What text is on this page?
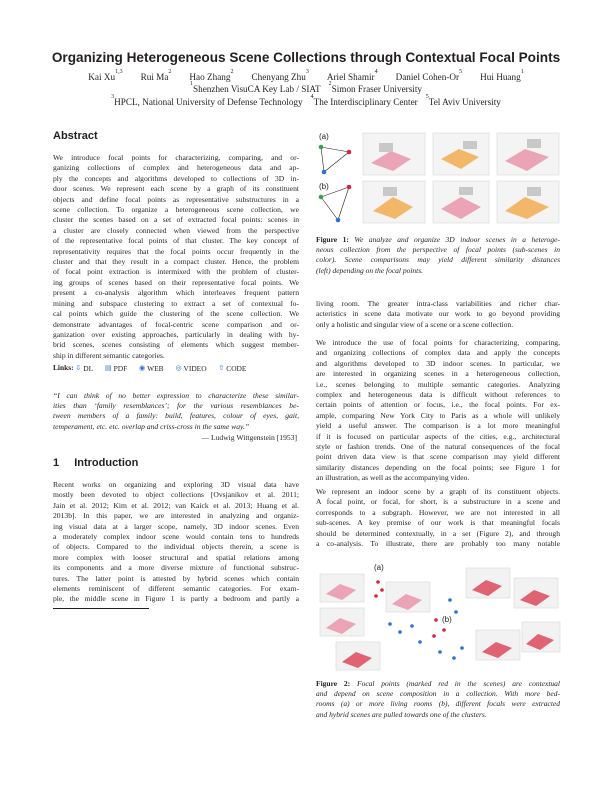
Organizing Heterogeneous Scene Collections through Contextual Focal Points
Kai Xu$^{1,3}$ Rui Ma$^2$ Hao Zhang$^2$ Chenyang Zhu$^3$ Ariel Shamir$^4$ Daniel Cohen-Or$^5$ Hui Huang$^1$
$^1$Shenzhen VisuCA Key Lab / SIAT $^2$Simon Fraser University
$^3$HPCL, National University of Defense Technology $^4$The Interdisciplinary Center $^5$Tel Aviv University
Abstract
We introduce focal points for characterizing, comparing, and or-
ganizing collections of complex and heterogeneous data and ap-
ply the concepts and algorithms developed to collections of 3D in-
door scenes. We represent each scene by a graph of its constituent
objects and define focal points as representative substructures in a
scene collection. To organize a heterogeneous scene collection, we
cluster the scenes based on a set of extracted focal points: scenes in
a cluster are closely connected when viewed from the perspective
of the representative focal points of that cluster. The key concept of
representativity requires that the focal points occur frequently in the
cluster and that they result in a compact cluster. Hence, the problem
of focal point extraction is intermixed with the problem of cluster-
ing groups of scenes based on their representative focal points. We
present a co-analysis algorithm which interleaves frequent pattern
mining and subspace clustering to extract a set of contextual fo-
cal points which guide the clustering of the scene collection. We
demonstrate advantages of focal-centric scene comparison and or-
ganization over existing approaches, particularly in dealing with hy-
brid scenes, scenes consisting of elements which suggest member-
ship in different semantic categories.
Links: ⇩ DL
▤ PDF
◉ WEB
◎ VIDEO
⇧ CODE
“I can think of no better expression to characterize these similar-
ities than ‘family resemblances’; for the various resemblances be-
tween members of a family: build, features, colour of eyes, gait,
temperament, etc. etc. overlap and criss-cross in the same way.”
— Ludwig Wittgenstein [1953]
1 Introduction
Recent works on organizing and exploring 3D visual data have
mostly been devoted to object collections [Ovsjanikov et al. 2011;
Jain et al. 2012; Kim et al. 2012; van Kaick et al. 2013; Huang et al.
2013b]. In this paper, we are interested in analyzing and organiz-
ing visual data at a larger scope, namely, 3D indoor scenes. Even
a moderately complex indoor scene would contain tens to hundreds
of objects. Compared to the individual objects therein, a scene is
more complex with looser structural and spatial relations among
its components and a more diverse mixture of functional substruc-
tures. The latter point is attested by hybrid scenes which contain
elements reminiscent of different semantic categories. For exam-
ple, the middle scene in Figure 1 is partly a bedroom and partly a
(a)
(b)
Figure 1: We analyze and organize 3D indoor scenes in a heteroge-
neous collection from the perspective of focal points (sub-scenes in
color). Scene comparisons may yield different similarity distances
(left) depending on the focal points.
living room. The greater intra-class variabilities and richer char-
acteristics in scene data motivate our work to go beyond providing
only a holistic and singular view of a scene or a scene collection.
We introduce the use of focal points for characterizing, comparing,
and organizing collections of complex data and apply the concepts
and algorithms developed to 3D indoor scenes. In particular, we
are interested in organizing scenes in a heterogeneous collection,
i.e., scenes belonging to multiple semantic categories. Analyzing
complex and heterogeneous data is difficult without references to
certain points of attention or focus, i.e., the focal points. For ex-
ample, comparing New York City to Paris as a whole will unlikely
yield a useful answer. The comparison is a lot more meaningful
if it is focused on particular aspects of the cities, e.g., architectural
style or fashion trends. One of the natural consequences of the focal
point driven data view is that scene comparison may yield different
similarity distances depending on the focal points; see Figure 1 for
an illustration, as well as the accompanying video.
We represent an indoor scene by a graph of its constituent objects.
A focal point, or focal, for short, is a substructure in a scene and
corresponds to a subgraph. However, we are not interested in all
sub-scenes. A key premise of our work is that meaningful focals
should be determined contextually, in a set (Figure 2), and through
a co-analysis. To illustrate, there are probably too many notable
(a)
(b)
Figure 2: Focal points (marked red in the scenes) are contextual
and depend on scene composition in a collection. With more bed-
rooms (a) or more living rooms (b), different focals were extracted
and hybrid scenes are pulled towards one of the clusters.
